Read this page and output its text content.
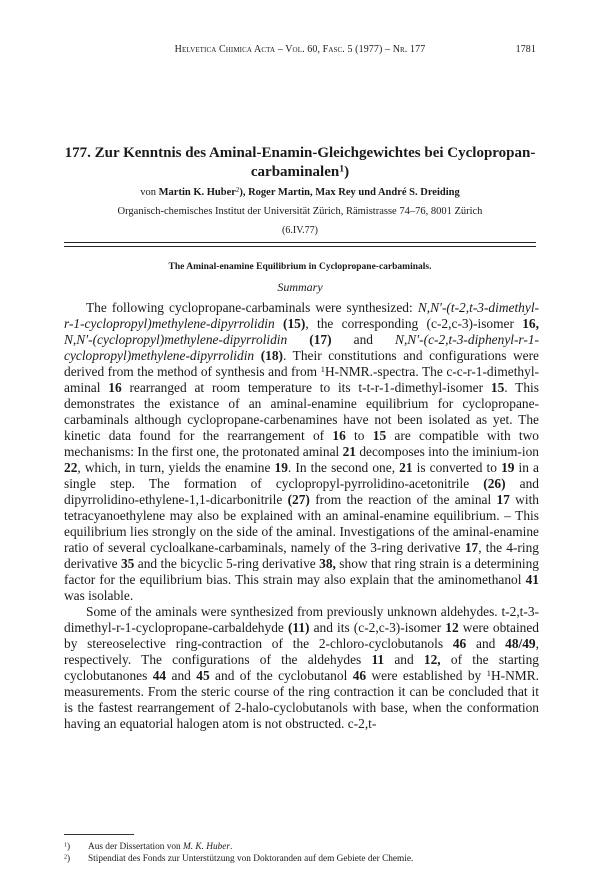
Helvetica Chimica Acta – Vol. 60, Fasc. 5 (1977) – Nr. 177	1781
177. Zur Kenntnis des Aminal-Enamin-Gleichgewichtes bei Cyclopropan-carbaminalen$^1$)
von Martin K. Huber$^2$), Roger Martin, Max Rey und André S. Dreiding
Organisch-chemisches Institut der Universität Zürich, Rämistrasse 74–76, 8001 Zürich
(6.IV.77)
The Aminal-enamine Equilibrium in Cyclopropane-carbaminals.
Summary

The following cyclopropane-carbaminals were synthesized: N,N′-(t-2,t-3-dimethyl-r-1-cyclopropyl)methylene-dipyrrolidin (15), the corresponding (c-2,c-3)-isomer 16, N,N′-(cyclopropyl)methylene-dipyrrolidin (17) and N,N′-(c-2,t-3-diphenyl-r-1-cyclopropyl)methylene-dipyrrolidin (18). Their constitutions and configurations were derived from the method of synthesis and from $^1$H-NMR.-spectra. The c-c-r-1-dimethyl-aminal 16 rearranged at room temperature to its t-t-r-1-dimethyl-isomer 15. This demonstrates the existance of an aminal-enamine equilibrium for cyclopropane-carbaminals although cyclopropane-carbenamines have not been isolated as yet. The kinetic data found for the rearrangement of 16 to 15 are compatible with two mechanisms: In the first one, the protonated aminal 21 decomposes into the iminium-ion 22, which, in turn, yields the enamine 19. In the second one, 21 is converted to 19 in a single step. The formation of cyclopropyl-pyrrolidino-acetonitrile (26) and dipyrrolidino-ethylene-1,1-dicarbonitrile (27) from the reaction of the aminal 17 with tetracyanoethylene may also be explained with an aminal-enamine equilibrium. – This equilibrium lies strongly on the side of the aminal. Investigations of the aminal-enamine ratio of several cycloalkane-carbaminals, namely of the 3-ring derivative 17, the 4-ring derivative 35 and the bicyclic 5-ring derivative 38, show that ring strain is a determining factor for the equilibrium bias. This strain may also explain that the aminomethanol 41 was isolable.

Some of the aminals were synthesized from previously unknown aldehydes. t-2,t-3-dimethyl-r-1-cyclopropane-carbaldehyde (11) and its (c-2,c-3)-isomer 12 were obtained by stereoselective ring-contraction of the 2-chloro-cyclobutanols 46 and 48/49, respectively. The configurations of the aldehydes 11 and 12, of the starting cyclobutanones 44 and 45 and of the cyclobutanol 46 were established by $^1$H-NMR. measurements. From the steric course of the ring contraction it can be concluded that it is the fastest rearrangement of 2-halo-cyclobutanols with base, when the conformation having an equatorial halogen atom is not obstructed. c-2,t-

$^1$)	Aus der Dissertation von M. K. Huber.
$^2$)	Stipendiat des Fonds zur Unterstützung von Doktoranden auf dem Gebiete der Chemie.
